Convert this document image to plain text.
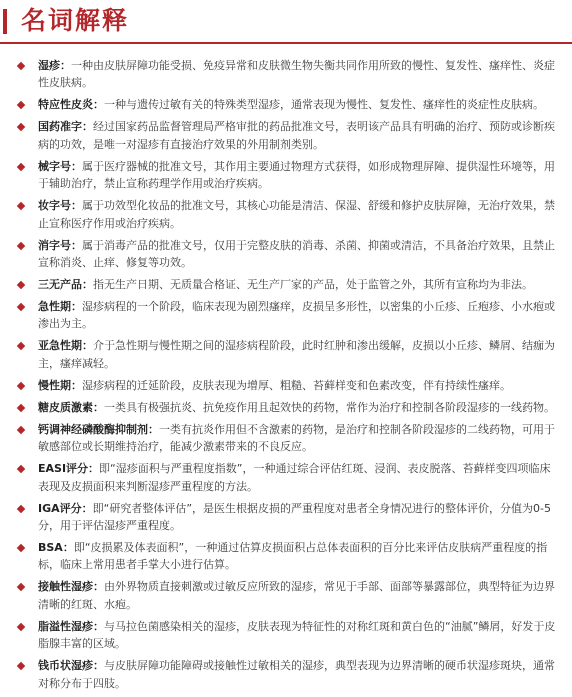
名词解释
湿疹：一种由皮肤屏障功能受损、免疫异常和皮肤微生物失衡共同作用所致的慢性、复发性、瘙痒性、炎症性皮肤病。
特应性皮炎：一种与遗传过敏有关的特殊类型湿疹，通常表现为慢性、复发性、瘙痒性的炎症性皮肤病。
国药准字：经过国家药品监督管理局严格审批的药品批准文号，表明该产品具有明确的治疗、预防或诊断疾病的功效，是唯一对湿疹有直接治疗效果的外用制剂类别。
械字号：属于医疗器械的批准文号，其作用主要通过物理方式获得，如形成物理屏障、提供湿性环境等，用于辅助治疗，禁止宣称药理学作用或治疗疾病。
妆字号：属于功效型化妆品的批准文号，其核心功能是清洁、保湿、舒缓和修护皮肤屏障，无治疗效果，禁止宣称医疗作用或治疗疾病。
消字号：属于消毒产品的批准文号，仅用于完整皮肤的消毒、杀菌、抑菌或清洁，不具备治疗效果，且禁止宣称消炎、止痒、修复等功效。
三无产品：指无生产日期、无质量合格证、无生产厂家的产品，处于监管之外，其所有宣称均为非法。
急性期：湿疹病程的一个阶段，临床表现为剧烈瘙痒，皮损呈多形性，以密集的小丘疹、丘疱疹、小水疱或渗出为主。
亚急性期：介于急性期与慢性期之间的湿疹病程阶段，此时红肿和渗出缓解，皮损以小丘疹、鳞屑、结痂为主，瘙痒减轻。
慢性期：湿疹病程的迁延阶段，皮肤表现为增厚、粗糙、苔藓样变和色素改变，伴有持续性瘙痒。
糖皮质激素：一类具有极强抗炎、抗免疫作用且起效快的药物，常作为治疗和控制各阶段湿疹的一线药物。
钙调神经磷酸酶抑制剂：一类有抗炎作用但不含激素的药物，是治疗和控制各阶段湿疹的二线药物，可用于敏感部位或长期维持治疗，能减少激素带来的不良反应。
EASI评分：即“湿疹面积与严重程度指数”，一种通过综合评估红斑、浸润、表皮脱落、苔藓样变四项临床表现及皮损面积来判断湿疹严重程度的方法。
IGA评分：即“研究者整体评估”，是医生根据皮损的严重程度对患者全身情况进行的整体评价，分值为0-5分，用于评估湿疹严重程度。
BSA：即“皮损累及体表面积”，一种通过估算皮损面积占总体表面积的百分比来评估皮肤病严重程度的指标，临床上常用患者手掌大小进行估算。
接触性湿疹：由外界物质直接刺激或过敏反应所致的湿疹，常见于手部、面部等暴露部位，典型特征为边界清晰的红斑、水疱。
脂溢性湿疹：与马拉色菌感染相关的湿疹，皮肤表现为特征性的对称红斑和黄白色的“油腻”鳞屑，好发于皮脂腺丰富的区域。
钱币状湿疹：与皮肤屏障功能障碍或接触性过敏相关的湿疹，典型表现为边界清晰的硬币状湿疹斑块，通常对称分布于四肢。
